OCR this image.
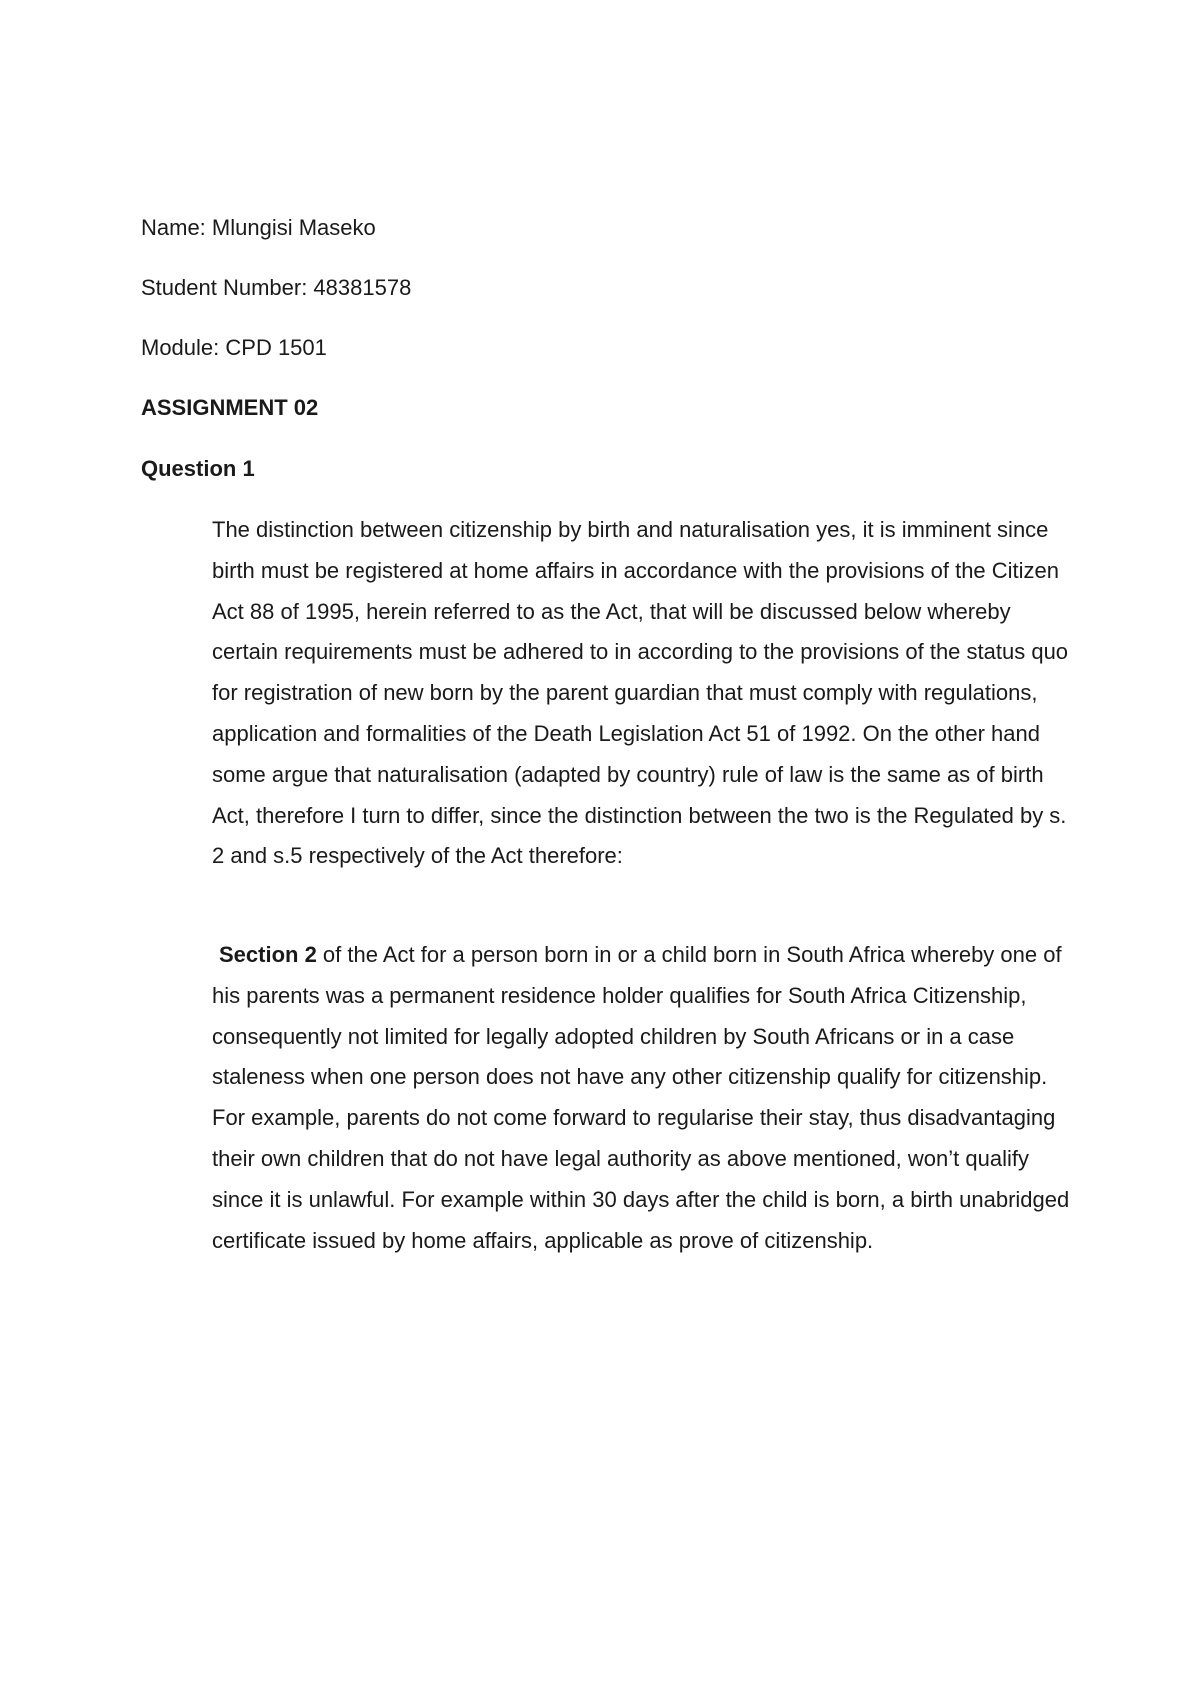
Name: Mlungisi Maseko
Student Number: 48381578
Module: CPD 1501
ASSIGNMENT 02
Question 1
The distinction between citizenship by birth and naturalisation yes, it is imminent since birth must be registered at home affairs in accordance with the provisions of the Citizen Act 88 of 1995, herein referred to as the Act, that will be discussed below whereby certain requirements must be adhered to in according to the provisions of the status quo for registration of new born by the parent guardian that must comply with regulations, application and formalities of the Death Legislation Act 51 of 1992. On the other hand some argue that naturalisation (adapted by country) rule of law is the same as of birth Act, therefore I turn to differ, since the distinction between the two is the Regulated by s. 2 and s.5 respectively of the Act therefore:
Section 2 of the Act for a person born in or a child born in South Africa whereby one of his parents was a permanent residence holder qualifies for South Africa Citizenship, consequently not limited for legally adopted children by South Africans or in a case staleness when one person does not have any other citizenship qualify for citizenship. For example, parents do not come forward to regularise their stay, thus disadvantaging their own children that do not have legal authority as above mentioned, won’t qualify since it is unlawful. For example within 30 days after the child is born, a birth unabridged certificate issued by home affairs, applicable as prove of citizenship.
